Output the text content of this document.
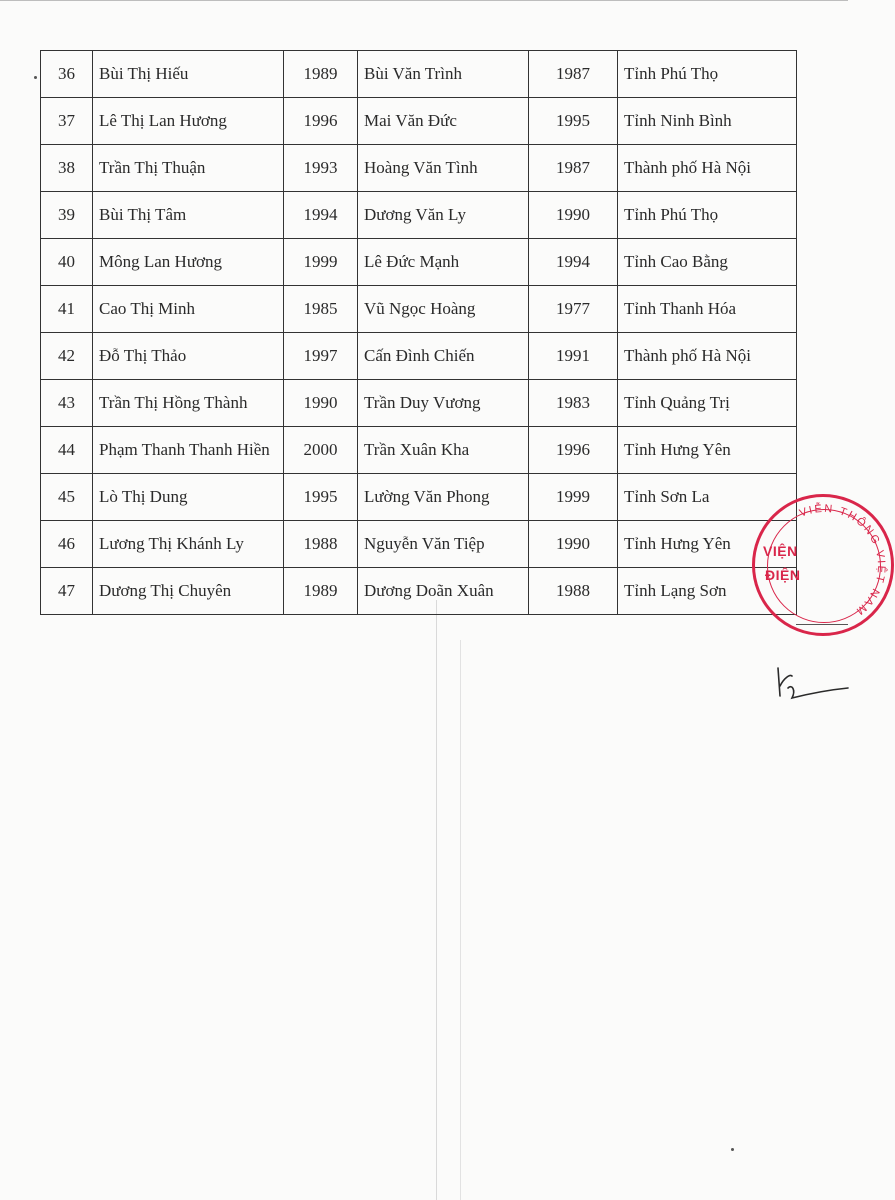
36	Bùi Thị Hiếu	1989	Bùi Văn Trình	1987	Tỉnh Phú Thọ
37	Lê Thị Lan Hương	1996	Mai Văn Đức	1995	Tỉnh Ninh Bình
38	Trần Thị Thuận	1993	Hoàng Văn Tình	1987	Thành phố Hà Nội
39	Bùi Thị Tâm	1994	Dương Văn Ly	1990	Tỉnh Phú Thọ
40	Mông Lan Hương	1999	Lê Đức Mạnh	1994	Tỉnh Cao Bằng
41	Cao Thị Minh	1985	Vũ Ngọc Hoàng	1977	Tỉnh Thanh Hóa
42	Đỗ Thị Thảo	1997	Cấn Đình Chiến	1991	Thành phố Hà Nội
43	Trần Thị Hồng Thành	1990	Trần Duy Vương	1983	Tỉnh Quảng Trị
44	Phạm Thanh Thanh Hiền	2000	Trần Xuân Kha	1996	Tỉnh Hưng Yên
45	Lò Thị Dung	1995	Lường Văn Phong	1999	Tỉnh Sơn La
46	Lương Thị Khánh Ly	1988	Nguyễn Văn Tiệp	1990	Tỉnh Hưng Yên
47	Dương Thị Chuyên	1989	Dương Doãn Xuân	1988	Tỉnh Lạng Sơn
VIỄN THÔNG VIỆT NAM
VIỆN
ĐIỆN
